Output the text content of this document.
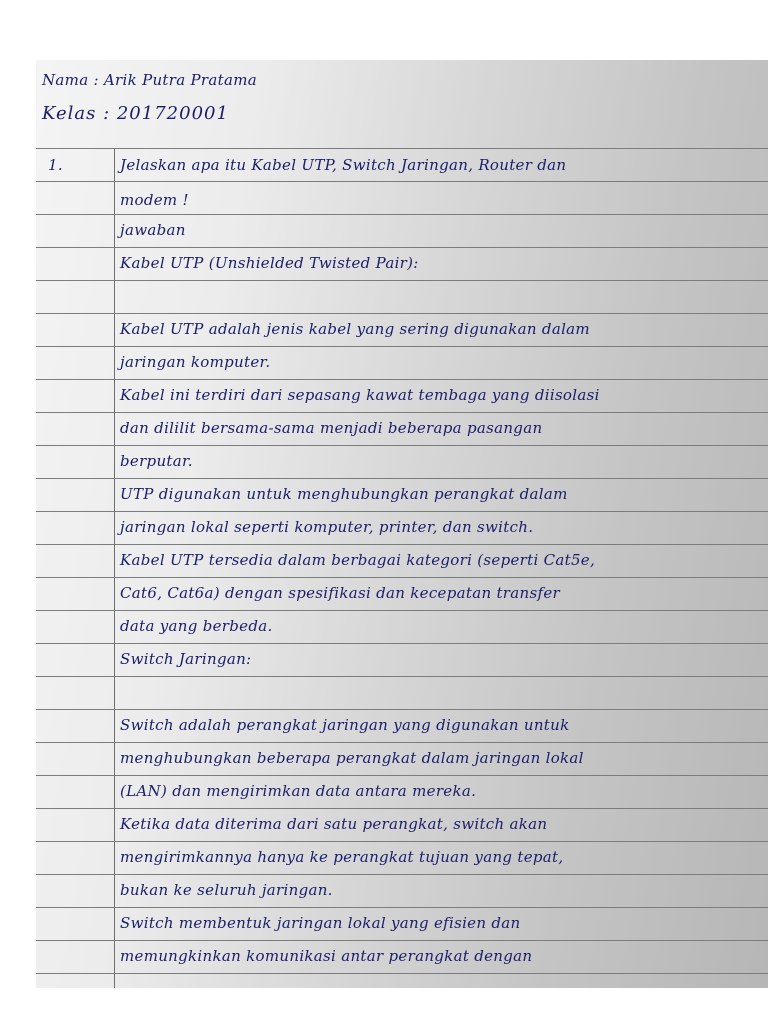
Nama : Arik Putra Pratama
Kelas : 201720001
1.	Jelaskan apa itu Kabel UTP, Switch Jaringan, Router dan
modem !
jawaban
Kabel UTP (Unshielded Twisted Pair):
Kabel UTP adalah jenis kabel yang sering digunakan dalam
jaringan komputer.
Kabel ini terdiri dari sepasang kawat tembaga yang diisolasi
dan dililit bersama-sama menjadi beberapa pasangan
berputar.
UTP digunakan untuk menghubungkan perangkat dalam
jaringan lokal seperti komputer, printer, dan switch.
Kabel UTP tersedia dalam berbagai kategori (seperti Cat5e,
Cat6, Cat6a) dengan spesifikasi dan kecepatan transfer
data yang berbeda.
Switch Jaringan:
Switch adalah perangkat jaringan yang digunakan untuk
menghubungkan beberapa perangkat dalam jaringan lokal
(LAN) dan mengirimkan data antara mereka.
Ketika data diterima dari satu perangkat, switch akan
mengirimkannya hanya ke perangkat tujuan yang tepat,
bukan ke seluruh jaringan.
Switch membentuk jaringan lokal yang efisien dan
memungkinkan komunikasi antar perangkat dengan
